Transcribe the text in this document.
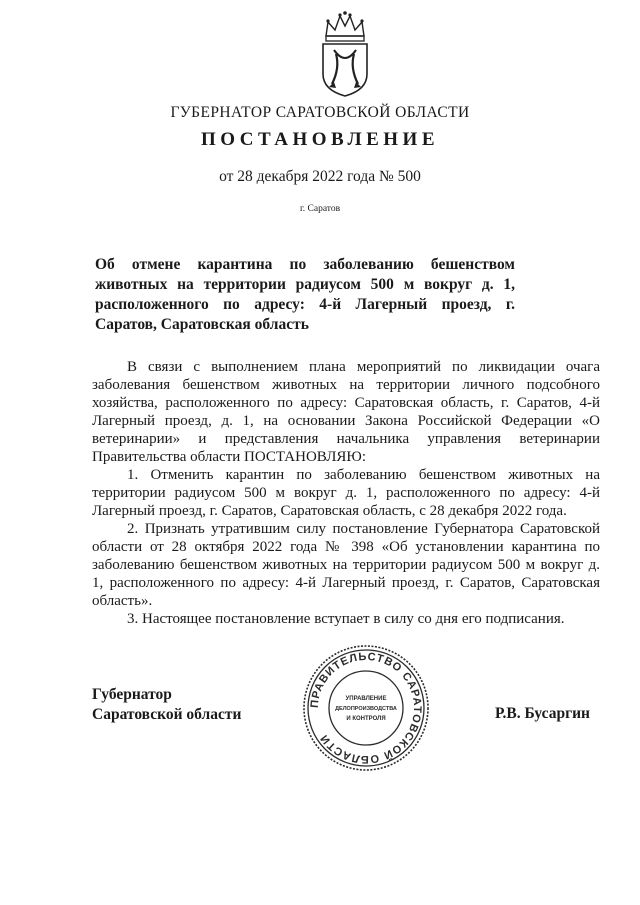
ГУБЕРНАТОР САРАТОВСКОЙ ОБЛАСТИ
ПОСТАНОВЛЕНИЕ
от 28 декабря 2022 года № 500
г. Саратов
Об отмене карантина по заболеванию бешенством животных на территории радиусом 500 м вокруг д. 1, расположенного по адресу: 4-й Лагерный проезд, г. Саратов, Саратовская область

В связи с выполнением плана мероприятий по ликвидации очага заболевания бешенством животных на территории личного подсобного хозяйства, расположенного по адресу: Саратовская область, г. Саратов, 4-й Лагерный проезд, д. 1, на основании Закона Российской Федерации «О ветеринарии» и представления начальника управления ветеринарии Правительства области ПОСТАНОВЛЯЮ:

1. Отменить карантин по заболеванию бешенством животных на территории радиусом 500 м вокруг д. 1, расположенного по адресу: 4-й Лагерный проезд, г. Саратов, Саратовская область, с 28 декабря 2022 года.

2. Признать утратившим силу постановление Губернатора Саратовской области от 28 октября 2022 года № 398 «Об установлении карантина по заболеванию бешенством животных на территории радиусом 500 м вокруг д. 1, расположенного по адресу: 4-й Лагерный проезд, г. Саратов, Саратовская область».

3. Настоящее постановление вступает в силу со дня его подписания.

Губернатор
Саратовской области	Р.В. Бусаргин
ПРАВИТЕЛЬСТВО САРАТОВСКОЙ ОБЛАСТИ
УПРАВЛЕНИЕ
ДЕЛОПРОИЗВОДСТВА
И КОНТРОЛЯ
